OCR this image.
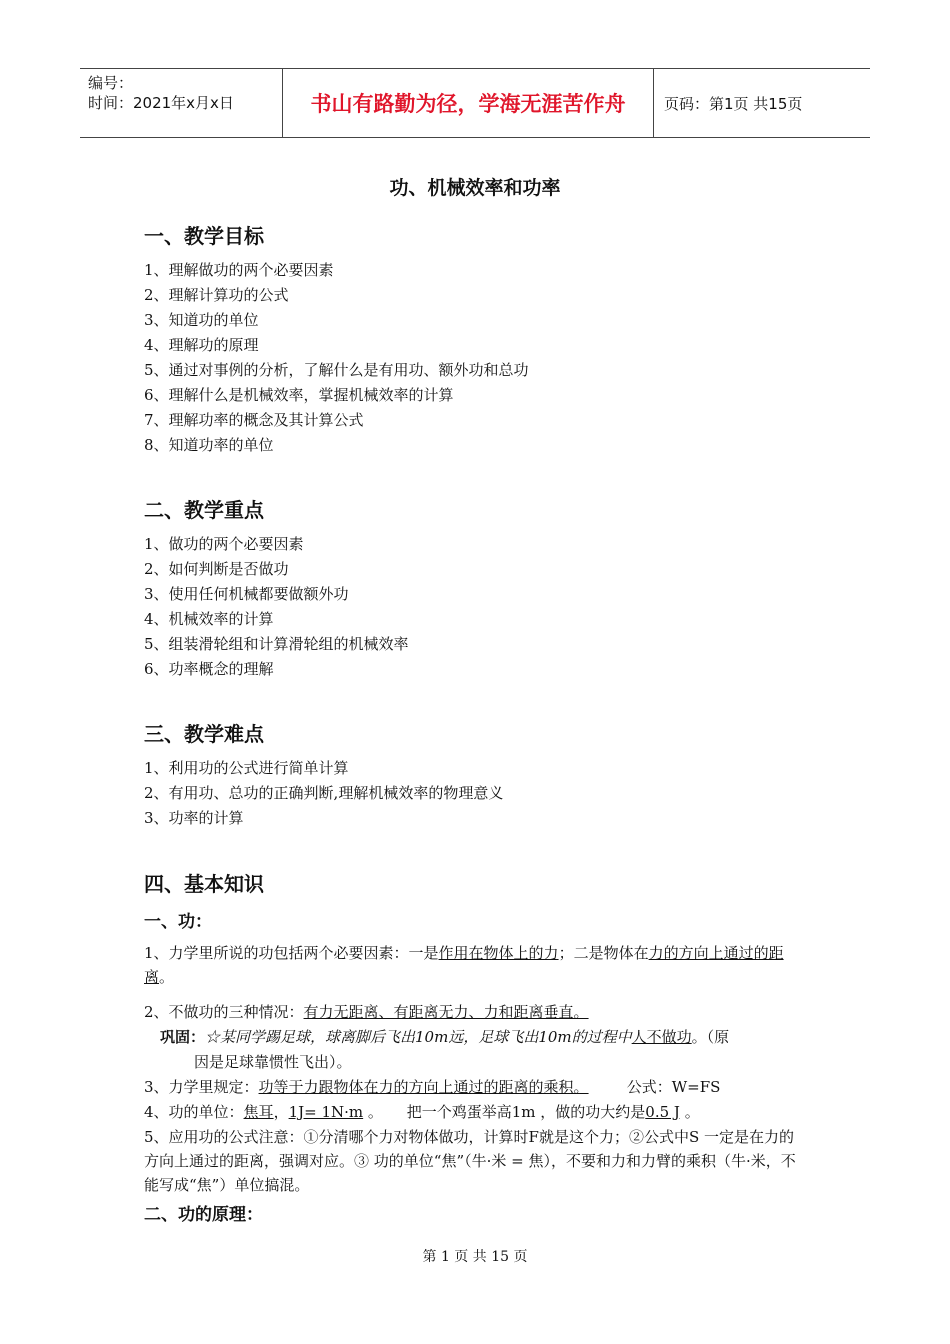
编号：
时间：2021年x月x日	书山有路勤为径，学海无涯苦作舟	页码：第1页 共15页
功、机械效率和功率
一、教学目标
1、理解做功的两个必要因素
2、理解计算功的公式
3、知道功的单位
4、理解功的原理
5、通过对事例的分析，了解什么是有用功、额外功和总功
6、理解什么是机械效率，掌握机械效率的计算
7、理解功率的概念及其计算公式
8、知道功率的单位
二、教学重点
1、做功的两个必要因素
2、如何判断是否做功
3、使用任何机械都要做额外功
4、机械效率的计算
5、组装滑轮组和计算滑轮组的机械效率
6、功率概念的理解
三、教学难点
1、利用功的公式进行简单计算
2、有用功、总功的正确判断,理解机械效率的物理意义
3、功率的计算
四、基本知识
一、功：
1、力学里所说的功包括两个必要因素：一是作用在物体上的力；二是物体在力的方向上通过的距离。
2、不做功的三种情况：有力无距离、有距离无力、力和距离垂直。
巩固：☆某同学踢足球，球离脚后飞出10m远，足球飞出10m的过程中人不做功。（原
因是足球靠惯性飞出）。
3、力学里规定：功等于力跟物体在力的方向上通过的距离的乘积。        公式：W=FS
4、功的单位：焦耳，1J= 1N·m 。     把一个鸡蛋举高1m ，做的功大约是0.5 J 。
5、应用功的公式注意：①分清哪个力对物体做功，计算时F就是这个力；②公式中S 一定是在力的方向上通过的距离，强调对应。③ 功的单位“焦”（牛·米 = 焦），不要和力和力臂的乘积（牛·米，不能写成“焦”）单位搞混。
二、功的原理：
第 1 页 共 15 页
